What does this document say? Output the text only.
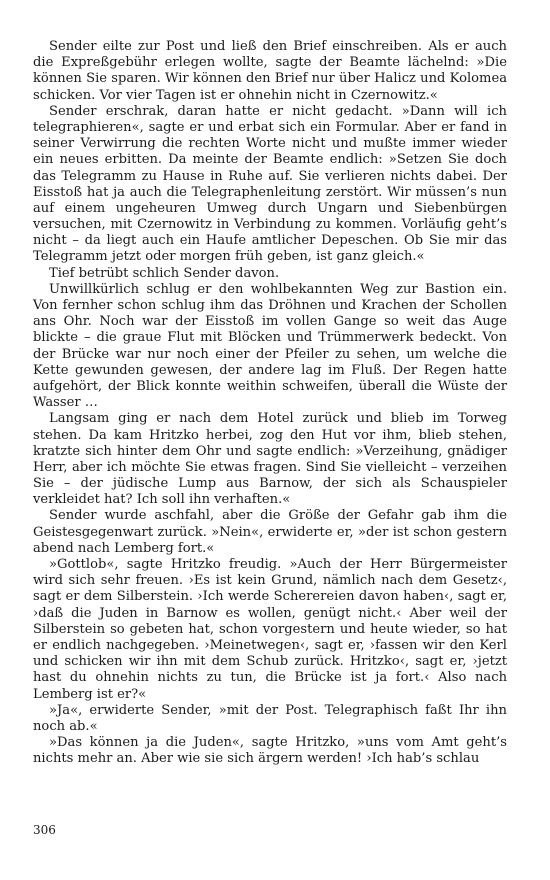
Sender eilte zur Post und ließ den Brief einschreiben. Als er auch die Expreßgebühr erlegen wollte, sagte der Beamte lächelnd: »Die können Sie sparen. Wir können den Brief nur über Halicz und Kolomea schicken. Vor vier Tagen ist er ohnehin nicht in Czernowitz.«

Sender erschrak, daran hatte er nicht gedacht. »Dann will ich telegraphieren«, sagte er und erbat sich ein Formular. Aber er fand in seiner Verwirrung die rechten Worte nicht und mußte immer wieder ein neues erbitten. Da meinte der Beamte endlich: »Setzen Sie doch das Telegramm zu Hause in Ruhe auf. Sie verlieren nichts dabei. Der Eisstoß hat ja auch die Telegraphenleitung zerstört. Wir müssen’s nun auf einem ungeheuren Umweg durch Ungarn und Siebenbürgen versuchen, mit Czernowitz in Verbindung zu kommen. Vorläufig geht’s nicht – da liegt auch ein Haufe amtlicher Depeschen. Ob Sie mir das Telegramm jetzt oder morgen früh geben, ist ganz gleich.«

Tief betrübt schlich Sender davon.

Unwillkürlich schlug er den wohlbekannten Weg zur Bastion ein. Von fernher schon schlug ihm das Dröhnen und Krachen der Schollen ans Ohr. Noch war der Eisstoß im vollen Gange so weit das Auge blickte – die graue Flut mit Blöcken und Trümmerwerk bedeckt. Von der Brücke war nur noch einer der Pfeiler zu sehen, um welche die Kette gewunden gewesen, der andere lag im Fluß. Der Regen hatte aufgehört, der Blick konnte weithin schweifen, überall die Wüste der Wasser …

Langsam ging er nach dem Hotel zurück und blieb im Torweg stehen. Da kam Hritzko herbei, zog den Hut vor ihm, blieb stehen, kratzte sich hinter dem Ohr und sagte endlich: »Verzeihung, gnädiger Herr, aber ich möchte Sie etwas fragen. Sind Sie vielleicht – verzeihen Sie – der jüdische Lump aus Barnow, der sich als Schauspieler verkleidet hat? Ich soll ihn verhaften.«

Sender wurde aschfahl, aber die Größe der Gefahr gab ihm die Geistesgegenwart zurück. »Nein«, erwiderte er, »der ist schon gestern abend nach Lemberg fort.«

»Gottlob«, sagte Hritzko freudig. »Auch der Herr Bürgermeister wird sich sehr freuen. ›Es ist kein Grund, nämlich nach dem Gesetz‹, sagt er dem Silberstein. ›Ich werde Scherereien davon haben‹, sagt er, ›daß die Juden in Barnow es wollen, genügt nicht.‹ Aber weil der Silberstein so gebeten hat, schon vorgestern und heute wieder, so hat er endlich nachgegeben. ›Meinetwegen‹, sagt er, ›fassen wir den Kerl und schicken wir ihn mit dem Schub zurück. Hritzko‹, sagt er, ›jetzt hast du ohnehin nichts zu tun, die Brücke ist ja fort.‹ Also nach Lemberg ist er?«

»Ja«, erwiderte Sender, »mit der Post. Telegraphisch faßt Ihr ihn noch ab.«

»Das können ja die Juden«, sagte Hritzko, »uns vom Amt geht’s nichts mehr an. Aber wie sie sich ärgern werden! ›Ich hab’s schlau

306
